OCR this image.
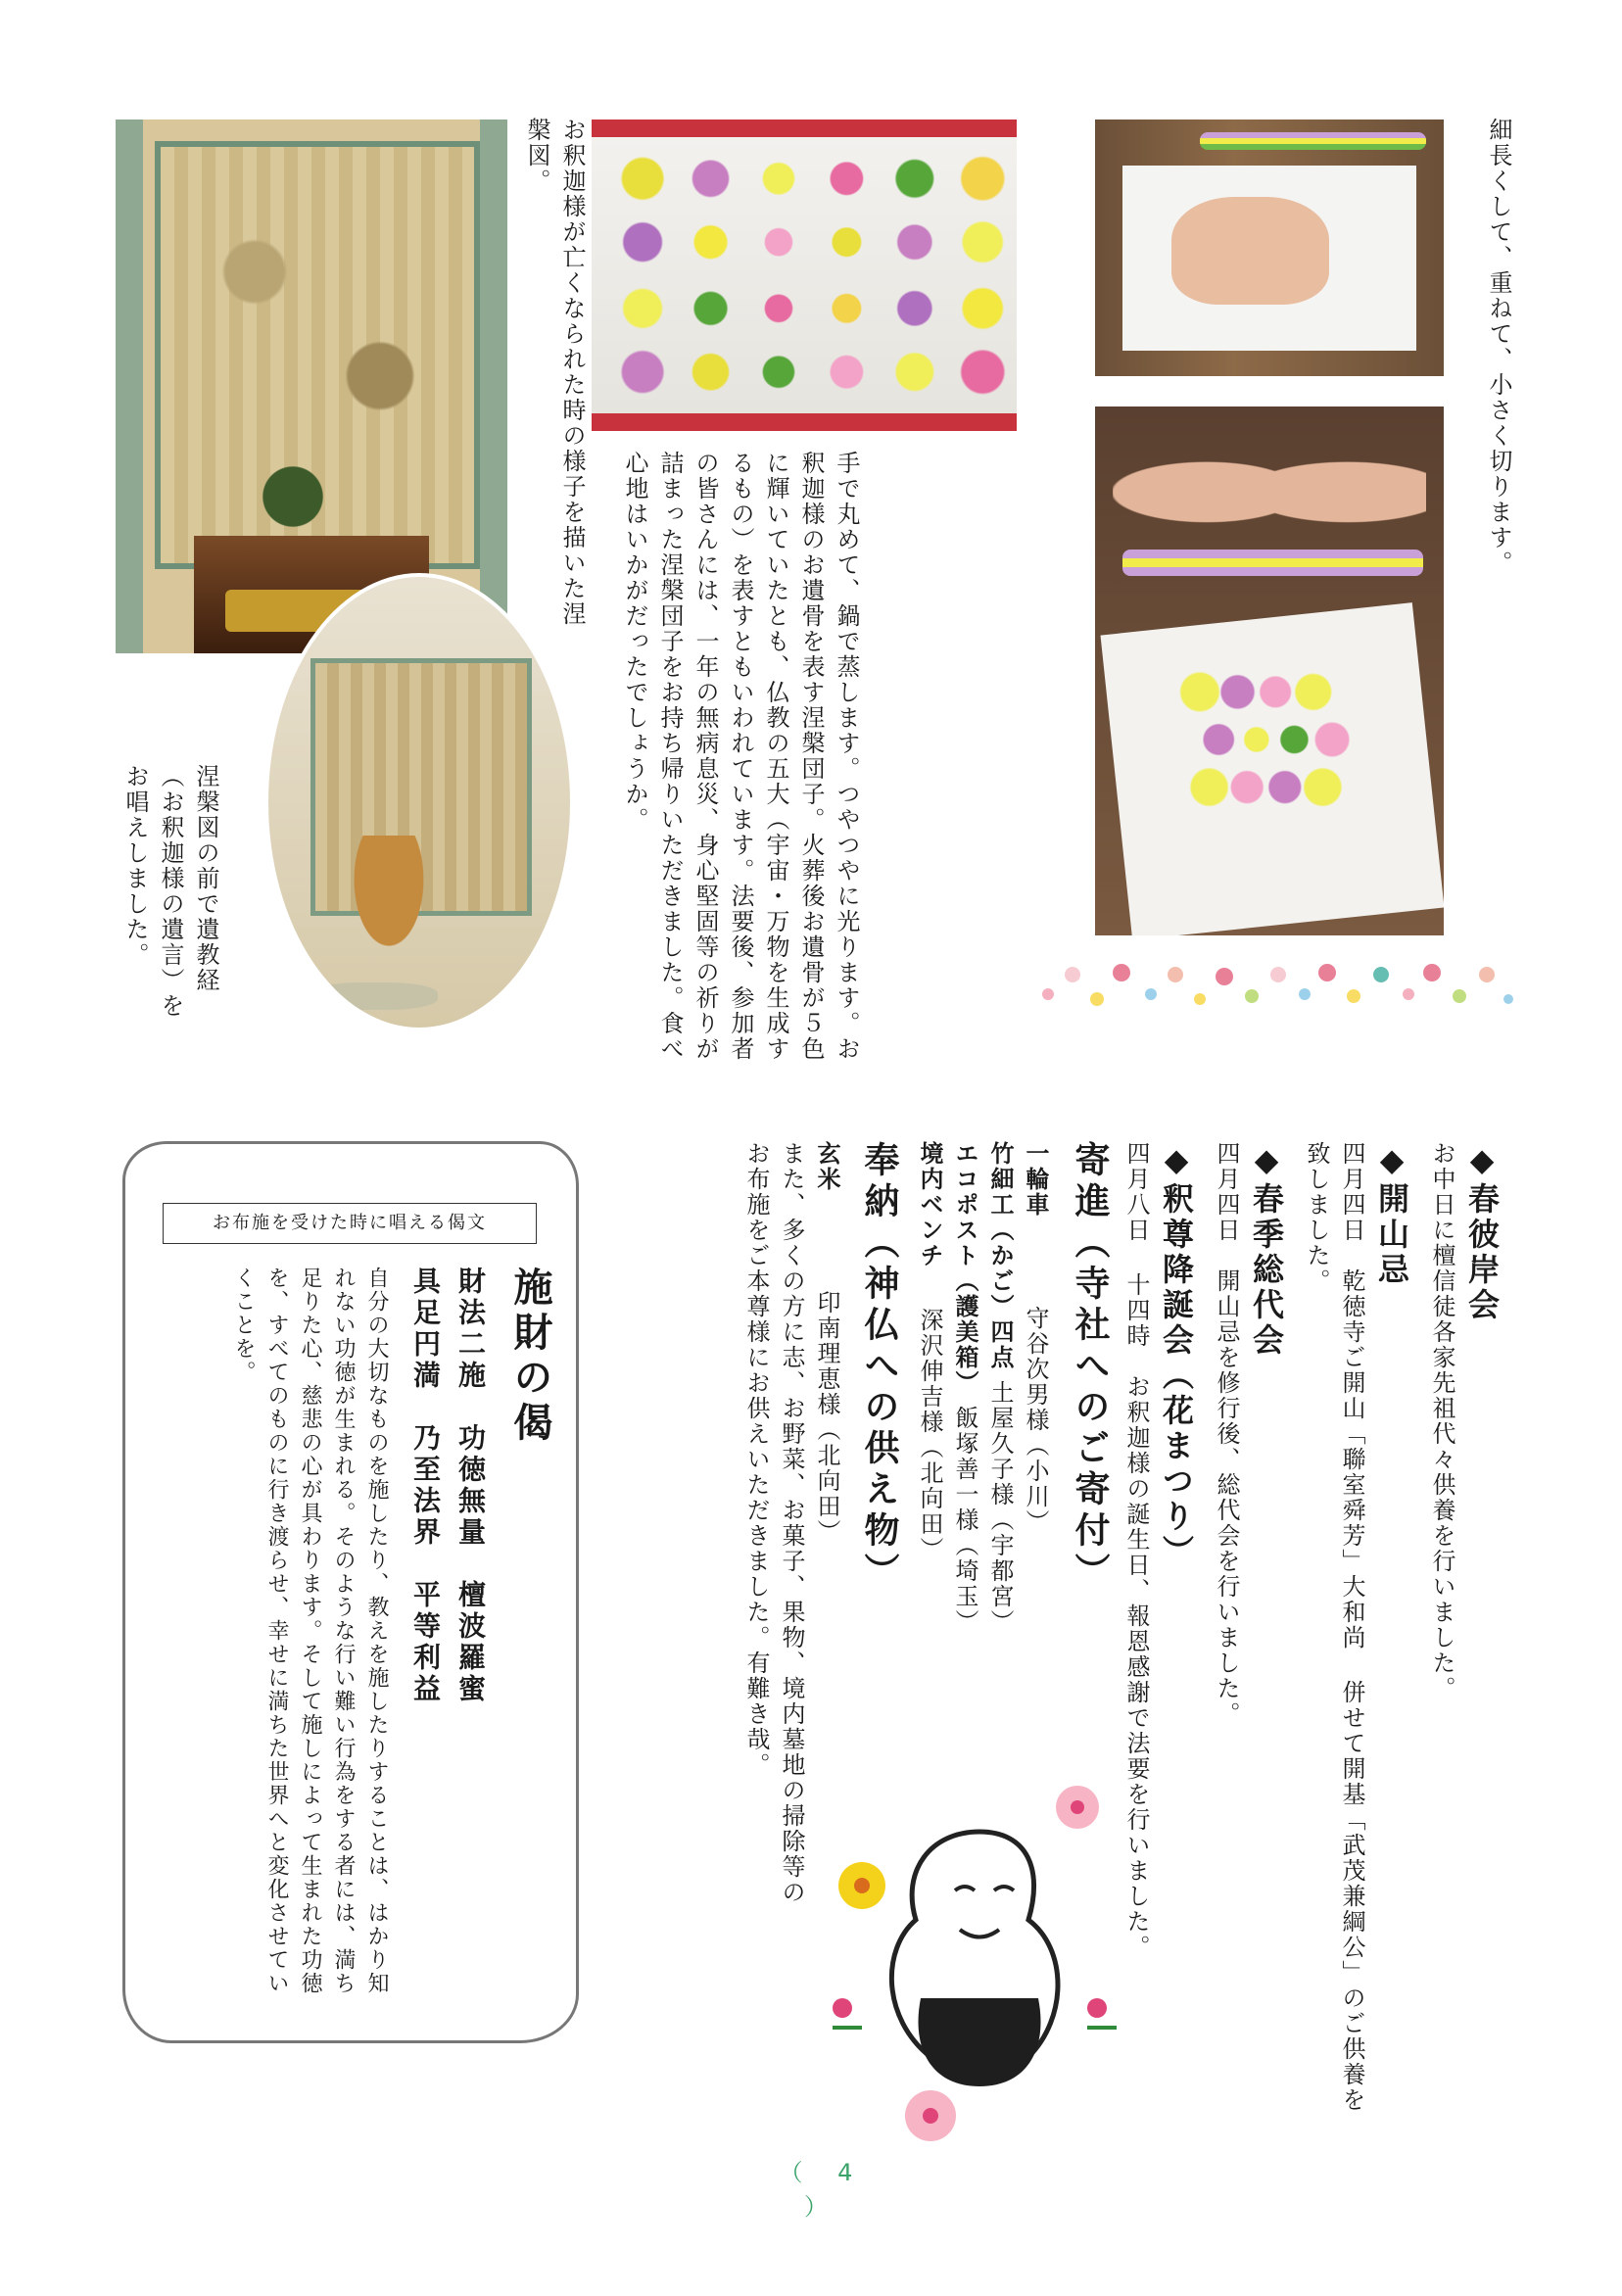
細長くして、重ねて、小さく切ります。
手で丸めて、鍋で蒸します。つやつやに光ります。お釈迦様のお遺骨を表す涅槃団子。火葬後お遺骨が５色に輝いていたとも、仏教の五大（宇宙・万物を生成するもの）を表すともいわれています。法要後、参加者の皆さんには、一年の無病息災、身心堅固等の祈りが詰まった涅槃団子をお持ち帰りいただきました。食べ心地はいかがだったでしょうか。
お釈迦様が亡くなられた時の様子を描いた涅槃図。
涅槃図の前で遺教経（お釈迦様の遺言）をお唱えしました。
◆春彼岸会
お中日に檀信徒各家先祖代々供養を行いました。
◆開山忌
四月四日　乾徳寺ご開山「聯室舜芳」大和尚 併せて開基「武茂兼綱公」のご供養を致しました。
◆春季総代会
四月四日　開山忌を修行後、総代会を行いました。
◆釈尊降誕会（花まつり）
四月八日 十四時　お釈迦様の誕生日、報恩感謝で法要を行いました。
寄進（寺社へのご寄付）
一輪車守谷次男様（小川）
竹細工（かご）四点土屋久子様（宇都宮）
エコポスト（護美箱）飯塚善一様（埼玉）
境内ベンチ深沢伸吉様（北向田）
奉納（神仏への供え物）
玄米印南理恵様（北向田）
また、多くの方に志、お野菜、お菓子、果物、境内墓地の掃除等のお布施をご本尊様にお供えいただきました。有難き哉。
お布施を受けた時に唱える偈文
施財の偈
財法二施　功徳無量　檀波羅蜜
具足円満　乃至法界　平等利益
自分の大切なものを施したり、教えを施したりすることは、はかり知れない功徳が生まれる。そのような行い難い行為をする者には、満ち足りた心、慈悲の心が具わります。そして施しによって生まれた功徳を、すべてのものに行き渡らせ、幸せに満ちた世界へと変化させていくことを。
（ 4 ）
